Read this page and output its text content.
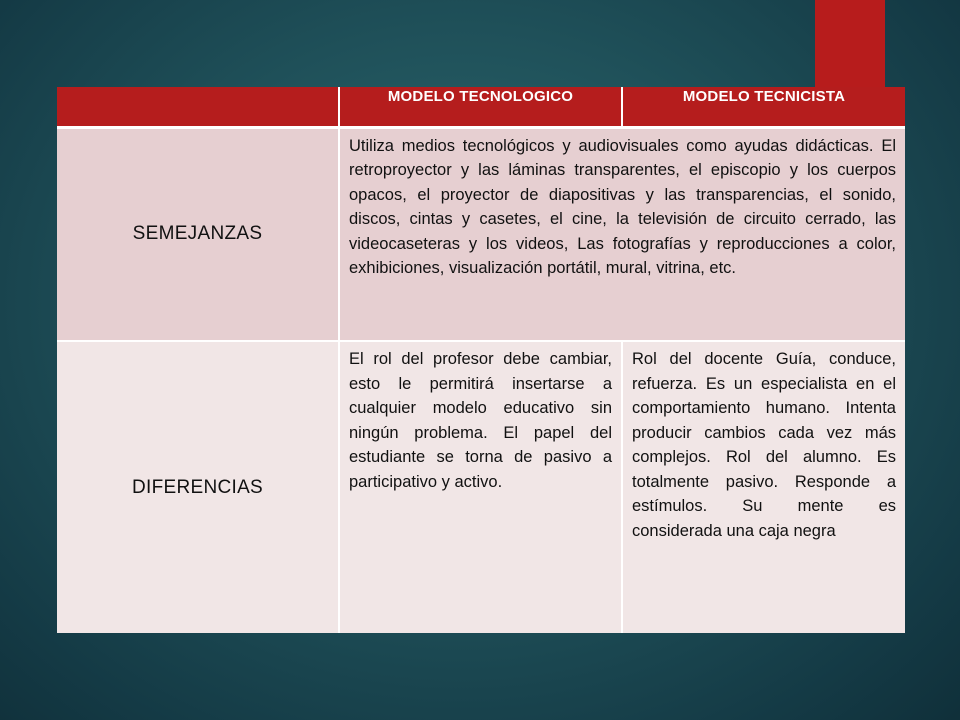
	MODELO TECNOLOGICO	MODELO TECNICISTA
SEMEJANZAS	Utiliza medios tecnológicos y audiovisuales como ayudas didácticas. El retroproyector y las láminas transparentes, el episcopio y los cuerpos opacos, el proyector de diapositivas y las transparencias, el sonido, discos, cintas y casetes, el cine, la televisión de circuito cerrado, las videocaseteras y los videos, Las fotografías y reproducciones a color, exhibiciones, visualización portátil, mural, vitrina, etc.	
DIFERENCIAS	El rol del profesor debe cambiar, esto le permitirá insertarse a cualquier modelo educativo sin ningún problema. El papel del estudiante se torna de pasivo a participativo y activo.	Rol del docente Guía, conduce, refuerza. Es un especialista en el comportamiento humano. Intenta producir cambios cada vez más complejos. Rol del alumno. Es totalmente pasivo. Responde a estímulos. Su mente es considerada una caja negra
